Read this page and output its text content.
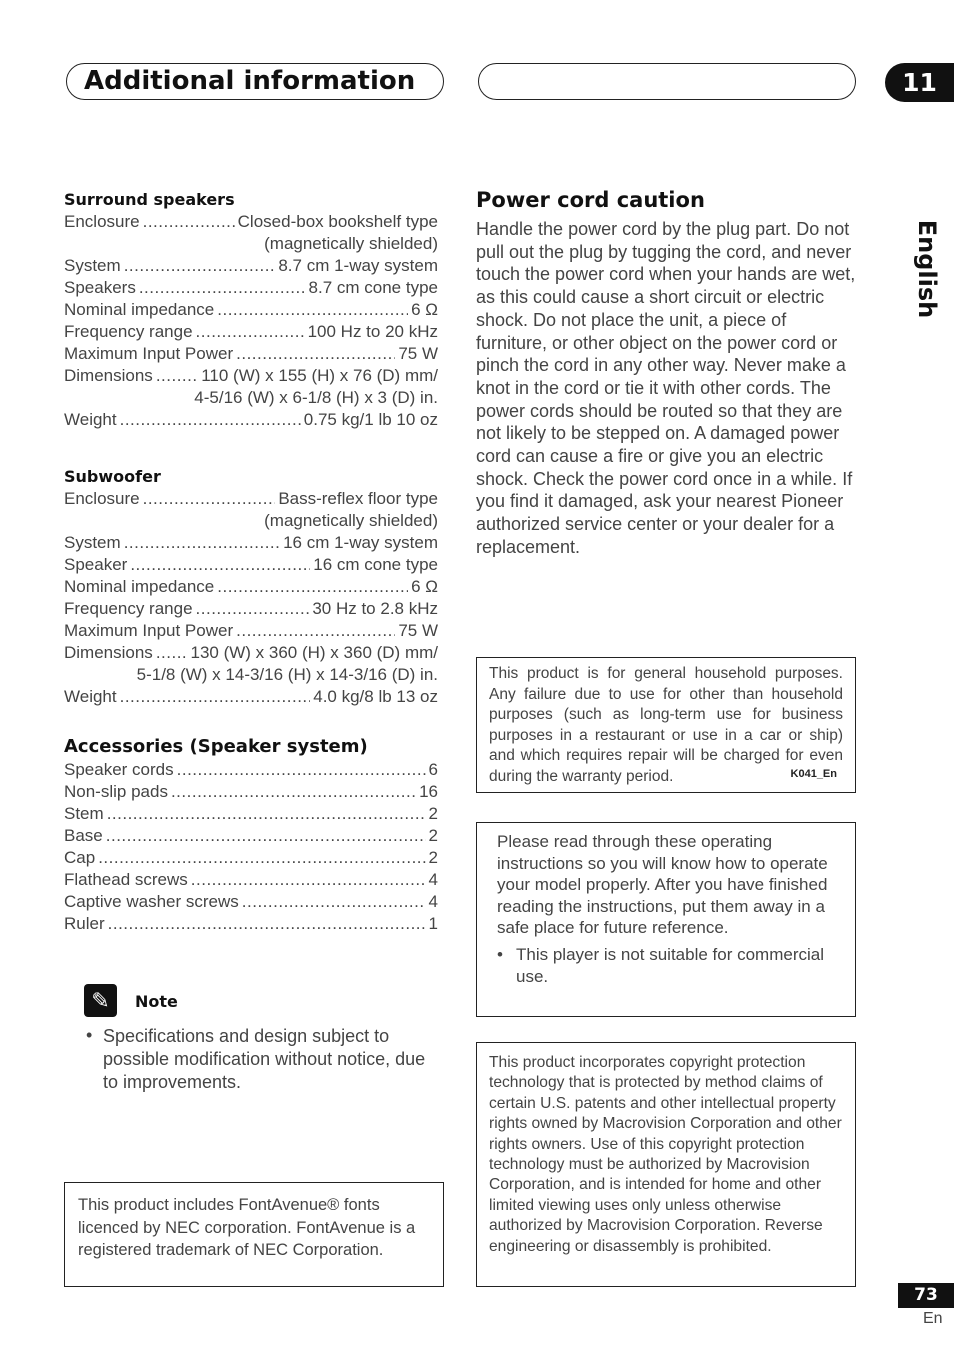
Additional information	11
English
Surround speakers
Enclosure .....	Closed-box bookshelf type
(magnetically shielded)
System .....	8.7 cm 1-way system
Speakers .....	8.7 cm cone type
Nominal impedance .....	6 Ω
Frequency range .....	100 Hz to 20 kHz
Maximum Input Power .....	75 W
Dimensions .....	110 (W) x 155 (H) x 76 (D) mm/
4-5/16 (W) x 6-1/8 (H) x 3 (D) in.
Weight .....	0.75 kg/1 lb 10 oz
Subwoofer
Enclosure .....	Bass-reflex floor type
(magnetically shielded)
System .....	16 cm 1-way system
Speaker .....	16 cm cone type
Nominal impedance .....	6 Ω
Frequency range .....	30 Hz to 2.8 kHz
Maximum Input Power .....	75 W
Dimensions ..... 130 (W) x 360 (H) x 360 (D) mm/
5-1/8 (W) x 14-3/16 (H) x 14-3/16 (D) in.
Weight .....	4.0 kg/8 lb 13 oz
Accessories (Speaker system)
Speaker cords .....	6
Non-slip pads .....	16
Stem .....	2
Base .....	2
Cap .....	2
Flathead screws .....	4
Captive washer screws .....	4
Ruler .....	1
✎	Note
• Specifications and design subject to possible modification without notice, due to improvements.
This product includes FontAvenue® fonts licenced by NEC corporation. FontAvenue is a registered trademark of NEC Corporation.
Power cord caution
Handle the power cord by the plug part. Do not pull out the plug by tugging the cord, and never touch the power cord when your hands are wet, as this could cause a short circuit or electric shock. Do not place the unit, a piece of furniture, or other object on the power cord or pinch the cord in any other way. Never make a knot in the cord or tie it with other cords. The power cords should be routed so that they are not likely to be stepped on. A damaged power cord can cause a fire or give you an electric shock. Check the power cord once in a while. If you find it damaged, ask your nearest Pioneer authorized service center or your dealer for a replacement.
This product is for general household purposes. Any failure due to use for other than household purposes (such as long-term use for business purposes in a restaurant or use in a car or ship) and which requires repair will be charged for even during the warranty period.	K041_En
Please read through these operating instructions so you will know how to operate your model properly. After you have finished reading the instructions, put them away in a safe place for future reference.
• This player is not suitable for commercial use.
This product incorporates copyright protection technology that is protected by method claims of certain U.S. patents and other intellectual property rights owned by Macrovision Corporation and other rights owners. Use of this copyright protection technology must be authorized by Macrovision Corporation, and is intended for home and other limited viewing uses only unless otherwise authorized by Macrovision Corporation. Reverse engineering or disassembly is prohibited.
73
En
